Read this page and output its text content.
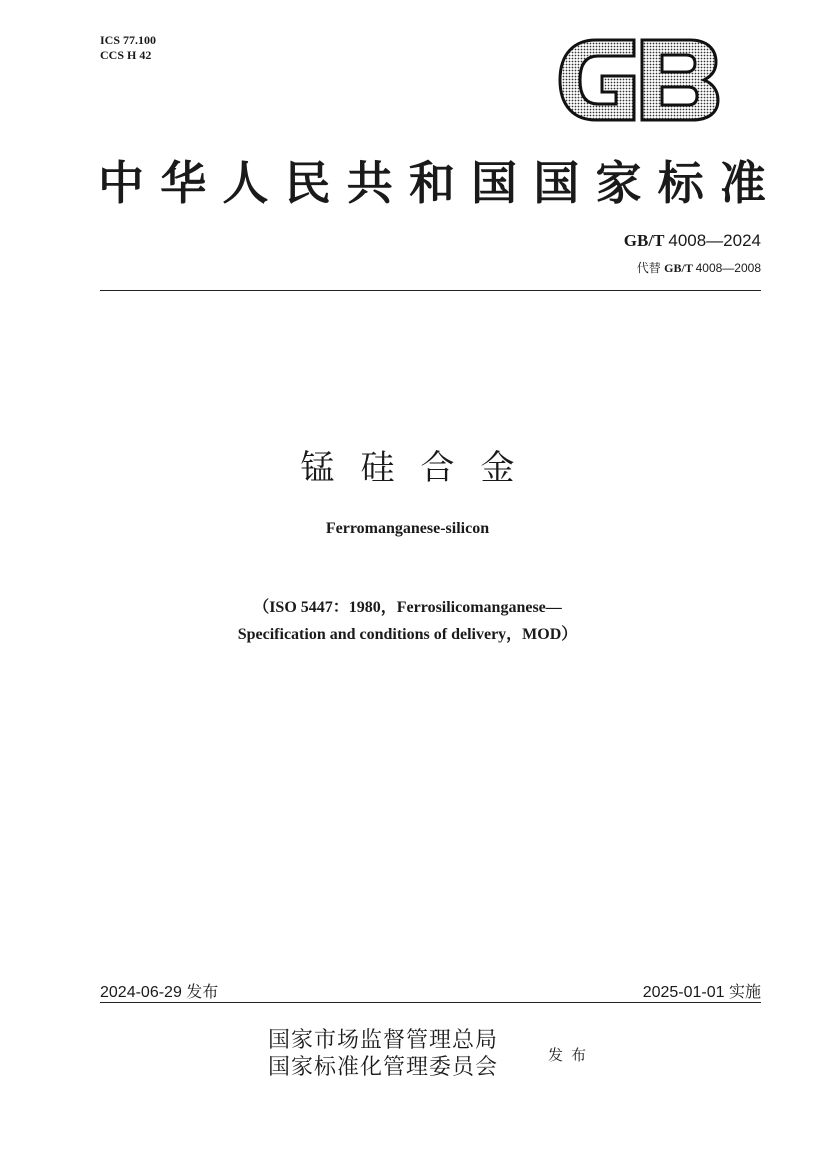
ICS 77.100
CCS H 42
GB
中 华 人 民 共 和 国 国 家 标 准
GB/T 4008—2024
代替 GB/T 4008—2008
锰硅合金
Ferromanganese-silicon
（ISO 5447：1980，Ferrosilicomanganese—
Specification and conditions of delivery，MOD）
2024-06-29 发布	2025-01-01 实施
国家市场监督管理总局
国家标准化管理委员会	发布
